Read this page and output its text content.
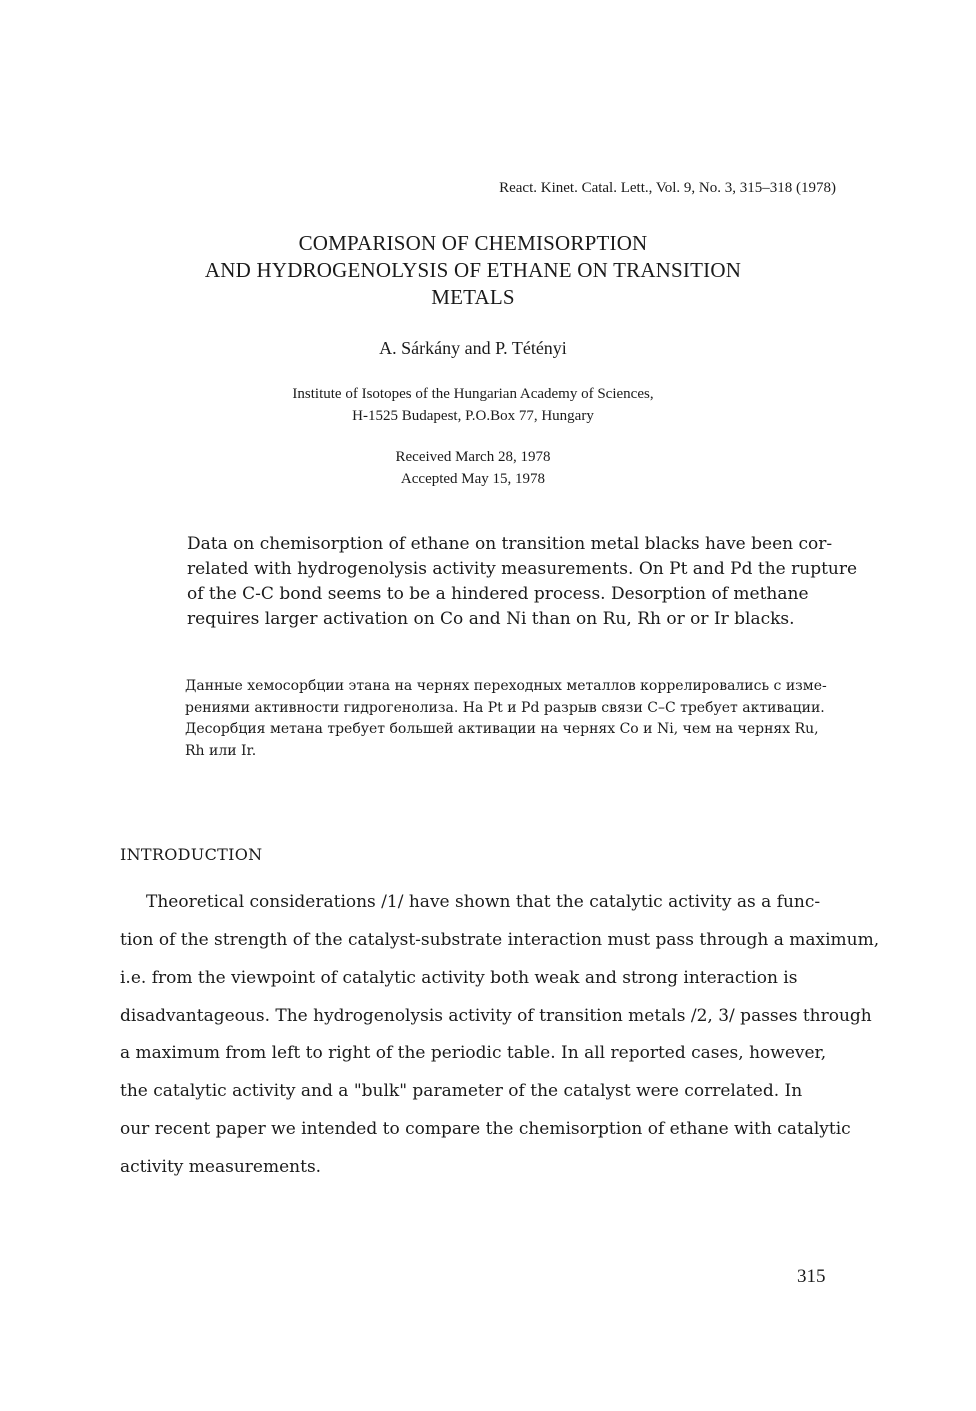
React. Kinet. Catal. Lett., Vol. 9, No. 3, 315–318 (1978)
COMPARISON OF CHEMISORPTION
AND HYDROGENOLYSIS OF ETHANE ON TRANSITION
METALS
A. Sárkány and P. Tétényi
Institute of Isotopes of the Hungarian Academy of Sciences,
H-1525 Budapest, P.O.Box 77, Hungary
Received March 28, 1978
Accepted May 15, 1978
Data on chemisorption of ethane on transition metal blacks have been cor-
related with hydrogenolysis activity measurements. On Pt and Pd the rupture
of the C-C bond seems to be a hindered process. Desorption of methane
requires larger activation on Co and Ni than on Ru, Rh or or Ir blacks.
Данные хемосорбции этана на чернях переходных металлов коррелировались с изме-
рениями активности гидрогенолиза. На Pt и Pd разрыв связи C–C требует активации.
Десорбция метана требует большей активации на чернях Co и Ni, чем на чернях Ru,
Rh или Ir.
INTRODUCTION
Theoretical considerations /1/ have shown that the catalytic activity as a func-
tion of the strength of the catalyst-substrate interaction must pass through a maximum,
i.e. from the viewpoint of catalytic activity both weak and strong interaction is
disadvantageous. The hydrogenolysis activity of transition metals /2, 3/ passes through
a maximum from left to right of the periodic table. In all reported cases, however,
the catalytic activity and a "bulk" parameter of the catalyst were correlated. In
our recent paper we intended to compare the chemisorption of ethane with catalytic
activity measurements.
315
